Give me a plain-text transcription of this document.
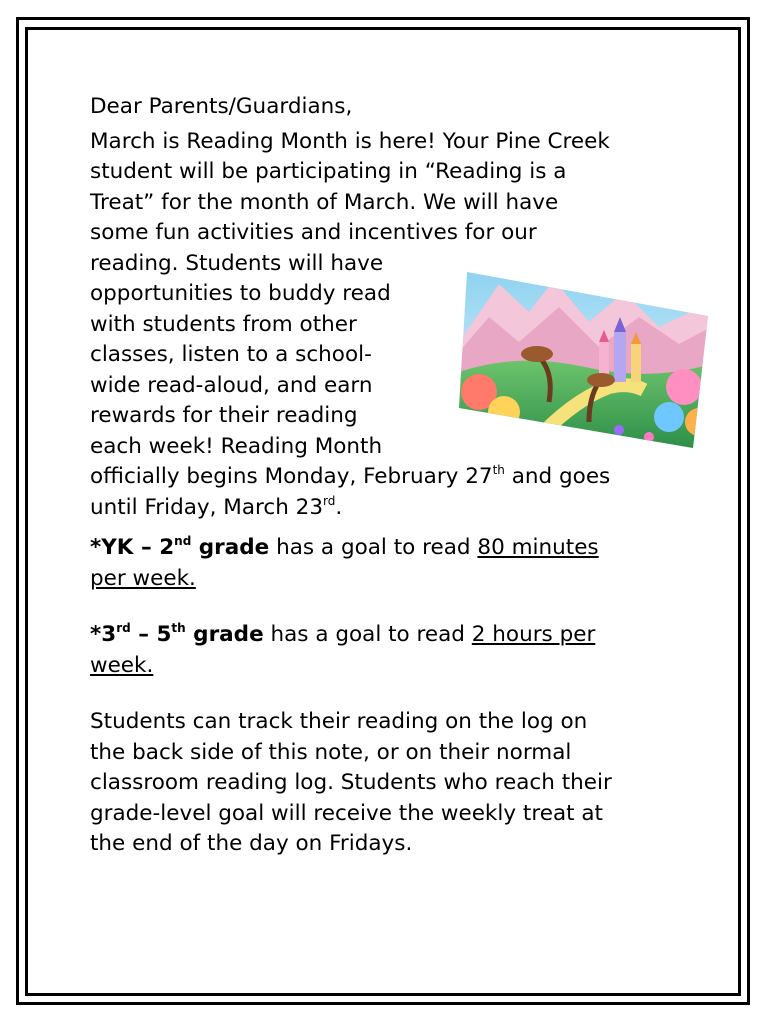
Dear Parents/Guardians,

March is Reading Month is here! Your Pine Creek
student will be participating in “Reading is a
Treat” for the month of March. We will have
some fun activities and incentives for our
reading. Students will have
opportunities to buddy read
with students from other
classes, listen to a school-
wide read-aloud, and earn
rewards for their reading
each week! Reading Month
officially begins Monday, February 27th and goes
until Friday, March 23rd.

*YK – 2nd grade has a goal to read 80 minutes
per week.

*3rd – 5th grade has a goal to read 2 hours per
week.

Students can track their reading on the log on
the back side of this note, or on their normal
classroom reading log. Students who reach their
grade-level goal will receive the weekly treat at
the end of the day on Fridays.
